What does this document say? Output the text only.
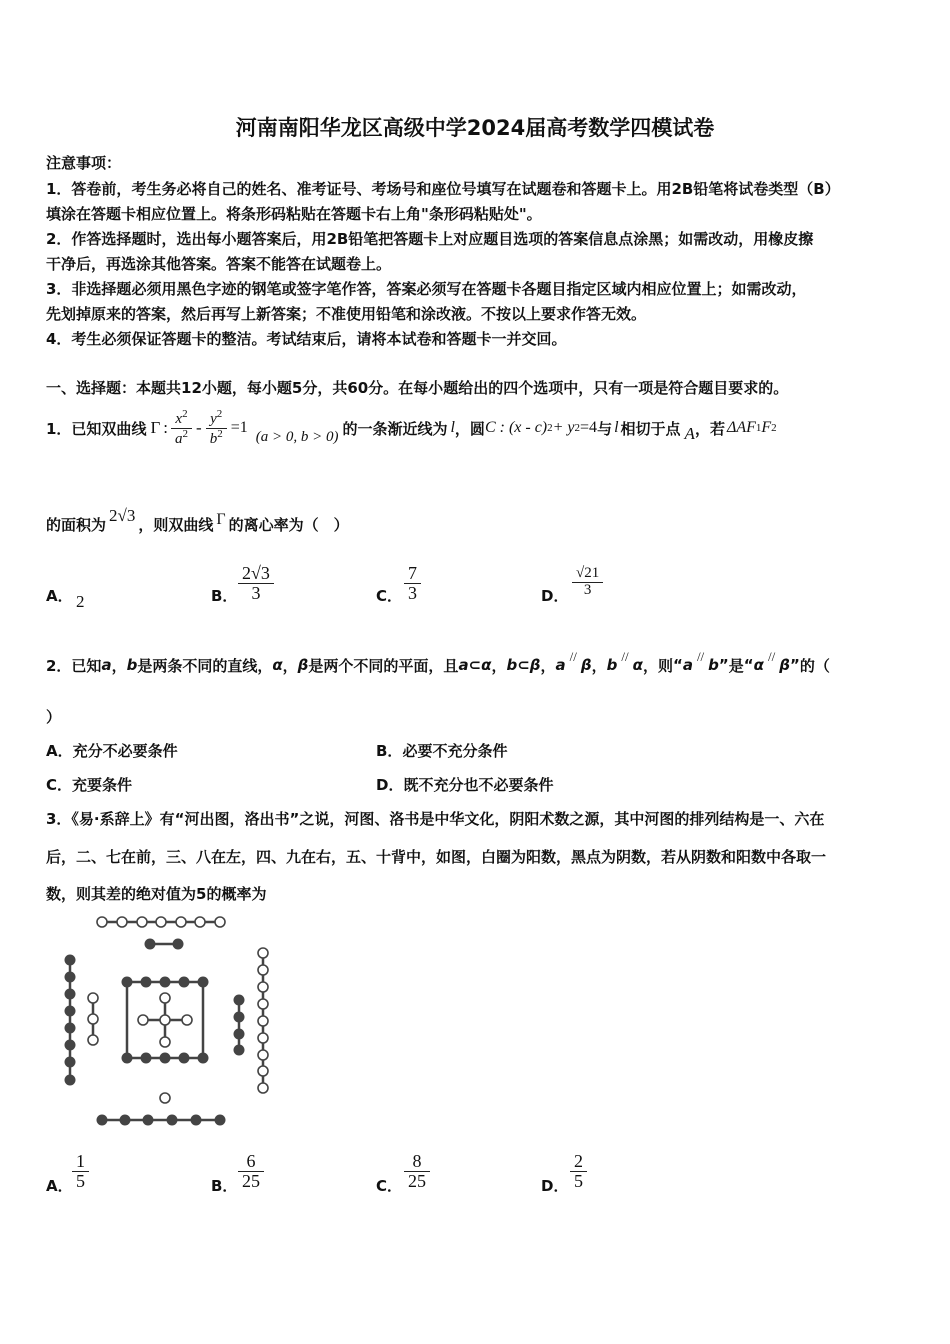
河南南阳华龙区高级中学2024届高考数学四模试卷
注意事项：
1．答卷前，考生务必将自己的姓名、准考证号、考场号和座位号填写在试题卷和答题卡上。用2B铅笔将试卷类型（B）
填涂在答题卡相应位置上。将条形码粘贴在答题卡右上角"条形码粘贴处"。
2．作答选择题时，选出每小题答案后，用2B铅笔把答题卡上对应题目选项的答案信息点涂黑；如需改动，用橡皮擦
干净后，再选涂其他答案。答案不能答在试题卷上。
3．非选择题必须用黑色字迹的钢笔或签字笔作答，答案必须写在答题卡各题目指定区域内相应位置上；如需改动，
先划掉原来的答案，然后再写上新答案；不准使用铅笔和涂改液。不按以上要求作答无效。
4．考生必须保证答题卡的整洁。考试结束后，请将本试卷和答题卡一并交回。
一、选择题：本题共12小题，每小题5分，共60分。在每小题给出的四个选项中，只有一项是符合题目要求的。
1．已知双曲线 Γ : $\frac{x^2}{a^2} - \frac{y^2}{b^2} =1$
(a > 0, b > 0) 的一条渐近线为 l ，圆 C : (x - c) 2 + y 2 =4 与 l 相切于点 A ，若 ΔAF 1 F 2
的面积为 2√3 ，则双曲线 Γ 的离心率为（　）
A． 2	B． $\frac{2√3}{3}$	C． $\frac{7}{3}$	D． $\frac{√21}{3}$
2．已知 a ， b 是两条不同的直线， α ， β 是两个不同的平面，且 a⊂α ， b⊂β ， a // β ， b // α ，则 “ a // b ” 是 “ α // β ” 的（
）
A．充分不必要条件	B．必要不充分条件
C．充要条件	D．既不充分也不必要条件
3．《易·系辞上》有“河出图，洛出书”之说，河图、洛书是中华文化，阴阳术数之源，其中河图的排列结构是一、六在
后，二、七在前，三、八在左，四、九在右，五、十背中，如图，白圈为阳数，黑点为阴数，若从阴数和阳数中各取一
数，则其差的绝对值为5的概率为
A． $\frac{1}{5}$	B． $\frac{6}{25}$	C． $\frac{8}{25}$	D． $\frac{2}{5}$
